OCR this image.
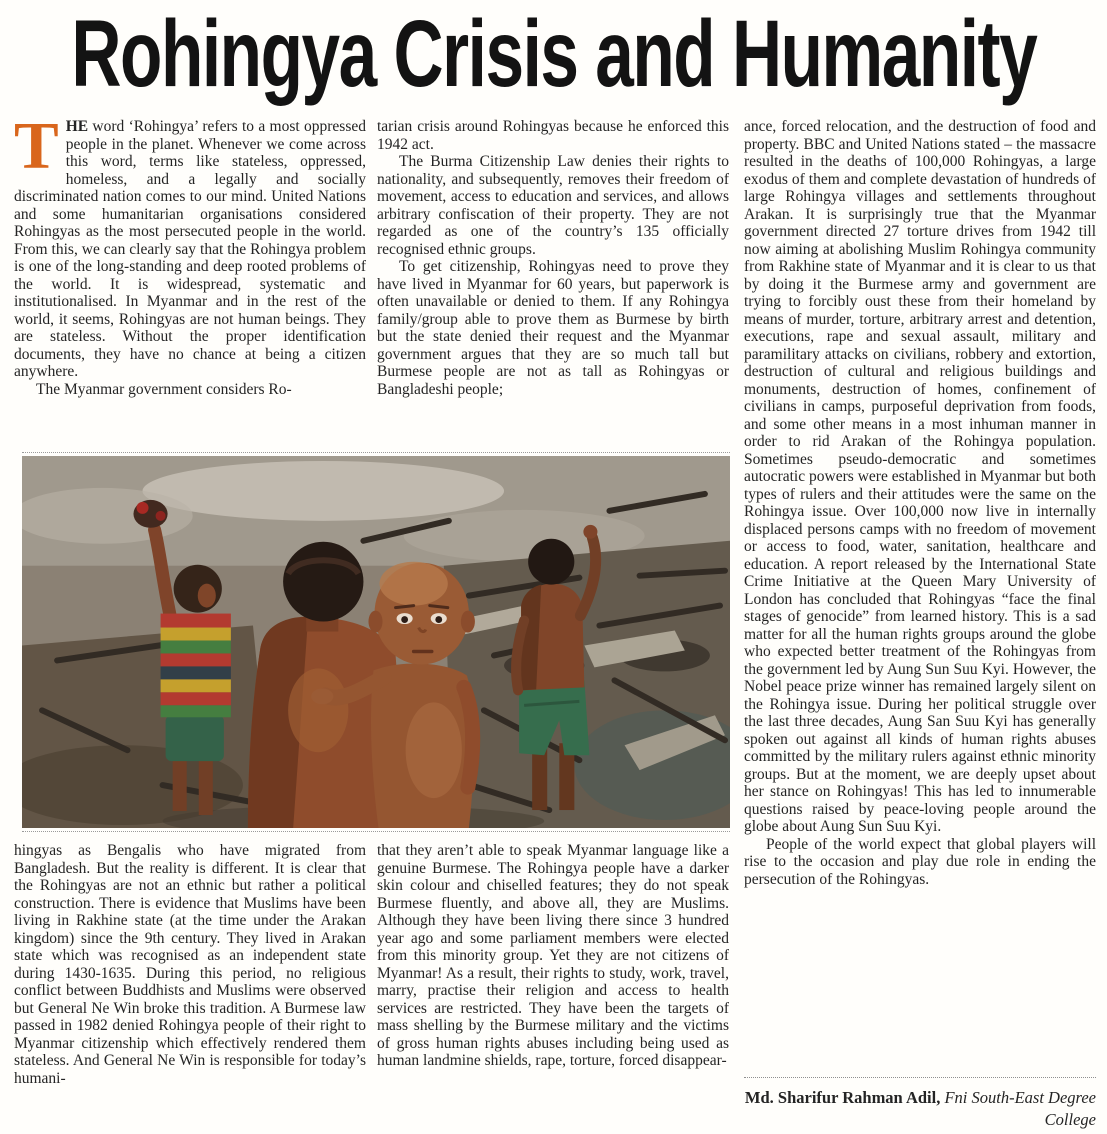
Rohingya Crisis and Humanity

THE word ‘Rohingya’ refers to a most oppressed people in the planet. Whenever we come across this word, terms like stateless, oppressed, homeless, and a legally and socially discriminated nation comes to our mind. United Nations and some humanitarian organisations considered Rohingyas as the most persecuted people in the world. From this, we can clearly say that the Rohingya problem is one of the long-standing and deep rooted problems of the world. It is widespread, systematic and institutionalised. In Myanmar and in the rest of the world, it seems, Rohingyas are not human beings. They are stateless. Without the proper identification documents, they have no chance at being a citizen anywhere.

The Myanmar government considers Ro-

tarian crisis around Rohingyas because he enforced this 1942 act.

The Burma Citizenship Law denies their rights to nationality, and subsequently, removes their freedom of movement, access to education and services, and allows arbitrary confiscation of their property. They are not regarded as one of the country’s 135 officially recognised ethnic groups.

To get citizenship, Rohingyas need to prove they have lived in Myanmar for 60 years, but paperwork is often unavailable or denied to them. If any Rohingya family/group able to prove them as Burmese by birth but the state denied their request and the Myanmar government argues that they are so much tall but Burmese people are not as tall as Rohingyas or Bangladeshi people;

hingyas as Bengalis who have migrated from Bangladesh. But the reality is different. It is clear that the Rohingyas are not an ethnic but rather a political construction. There is evidence that Muslims have been living in Rakhine state (at the time under the Arakan kingdom) since the 9th century. They lived in Arakan state which was recognised as an independent state during 1430-1635. During this period, no religious conflict between Buddhists and Muslims were observed but General Ne Win broke this tradition. A Burmese law passed in 1982 denied Rohingya people of their right to Myanmar citizenship which effectively rendered them stateless. And General Ne Win is responsible for today’s humani-

that they aren’t able to speak Myanmar language like a genuine Burmese. The Rohingya people have a darker skin colour and chiselled features; they do not speak Burmese fluently, and above all, they are Muslims. Although they have been living there since 3 hundred year ago and some parliament members were elected from this minority group. Yet they are not citizens of Myanmar! As a result, their rights to study, work, travel, marry, practise their religion and access to health services are restricted. They have been the targets of mass shelling by the Burmese military and the victims of gross human rights abuses including being used as human landmine shields, rape, torture, forced disappear-

ance, forced relocation, and the destruction of food and property. BBC and United Nations stated – the massacre resulted in the deaths of 100,000 Rohingyas, a large exodus of them and complete devastation of hundreds of large Rohingya villages and settlements throughout Arakan. It is surprisingly true that the Myanmar government directed 27 torture drives from 1942 till now aiming at abolishing Muslim Rohingya community from Rakhine state of Myanmar and it is clear to us that by doing it the Burmese army and government are trying to forcibly oust these from their homeland by means of murder, torture, arbitrary arrest and detention, executions, rape and sexual assault, military and paramilitary attacks on civilians, robbery and extortion, destruction of cultural and religious buildings and monuments, destruction of homes, confinement of civilians in camps, purposeful deprivation from foods, and some other means in a most inhuman manner in order to rid Arakan of the Rohingya population. Sometimes pseudo-democratic and sometimes autocratic powers were established in Myanmar but both types of rulers and their attitudes were the same on the Rohingya issue. Over 100,000 now live in internally displaced persons camps with no freedom of movement or access to food, water, sanitation, healthcare and education. A report released by the International State Crime Initiative at the Queen Mary University of London has concluded that Rohingyas “face the final stages of genocide” from learned history. This is a sad matter for all the human rights groups around the globe who expected better treatment of the Rohingyas from the government led by Aung Sun Suu Kyi. However, the Nobel peace prize winner has remained largely silent on the Rohingya issue. During her political struggle over the last three decades, Aung San Suu Kyi has generally spoken out against all kinds of human rights abuses committed by the military rulers against ethnic minority groups. But at the moment, we are deeply upset about her stance on Rohingyas! This has led to innumerable questions raised by peace-loving people around the globe about Aung Sun Suu Kyi.

People of the world expect that global players will rise to the occasion and play due role in ending the persecution of the Rohingyas.

Md. Sharifur Rahman Adil, Fni South-East Degree College
